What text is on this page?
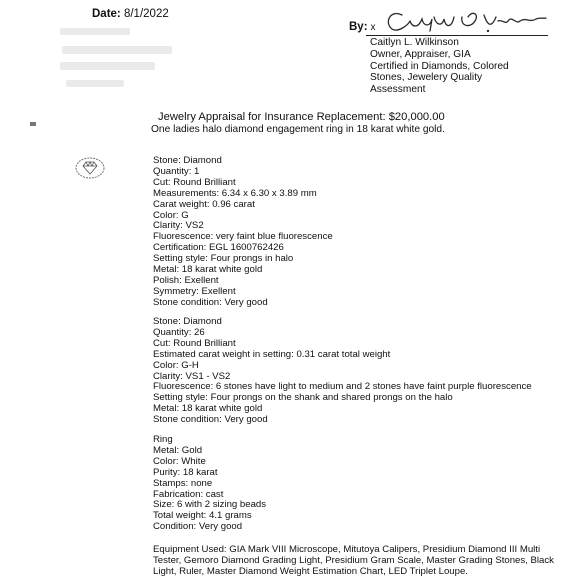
Date: 8/1/2022
By: x
Caitlyn L. Wilkinson
Owner, Appraiser, GIA
Certified in Diamonds, Colored
Stones, Jewelery Quality
Assessment
Jewelry Appraisal for Insurance Replacement: $20,000.00
One ladies halo diamond engagement ring in 18 karat white gold.
Stone: Diamond
Quantity: 1
Cut: Round Brilliant
Measurements: 6.34 x 6.30 x 3.89 mm
Carat weight: 0.96 carat
Color: G
Clarity: VS2
Fluorescence: very faint blue fluorescence
Certification: EGL 1600762426
Setting style: Four prongs in halo
Metal: 18 karat white gold
Polish: Exellent
Symmetry: Exellent
Stone condition: Very good
Stone: Diamond
Quantity: 26
Cut: Round Brilliant
Estimated carat weight in setting: 0.31 carat total weight
Color: G-H
Clarity: VS1 - VS2
Fluorescence: 6 stones have light to medium and 2 stones have faint purple fluorescence
Setting style: Four prongs on the shank and shared prongs on the halo
Metal: 18 karat white gold
Stone condition: Very good
Ring
Metal: Gold
Color: White
Purity: 18 karat
Stamps: none
Fabrication: cast
Size: 6 with 2 sizing beads
Total weight: 4.1 grams
Condition: Very good
Equipment Used: GIA Mark VIII Microscope, Mitutoya Calipers, Presidium Diamond III Multi Tester, Gemoro Diamond Grading Light, Presidium Gram Scale, Master Grading Stones, Black Light, Ruler, Master Diamond Weight Estimation Chart, LED Triplet Loupe.
